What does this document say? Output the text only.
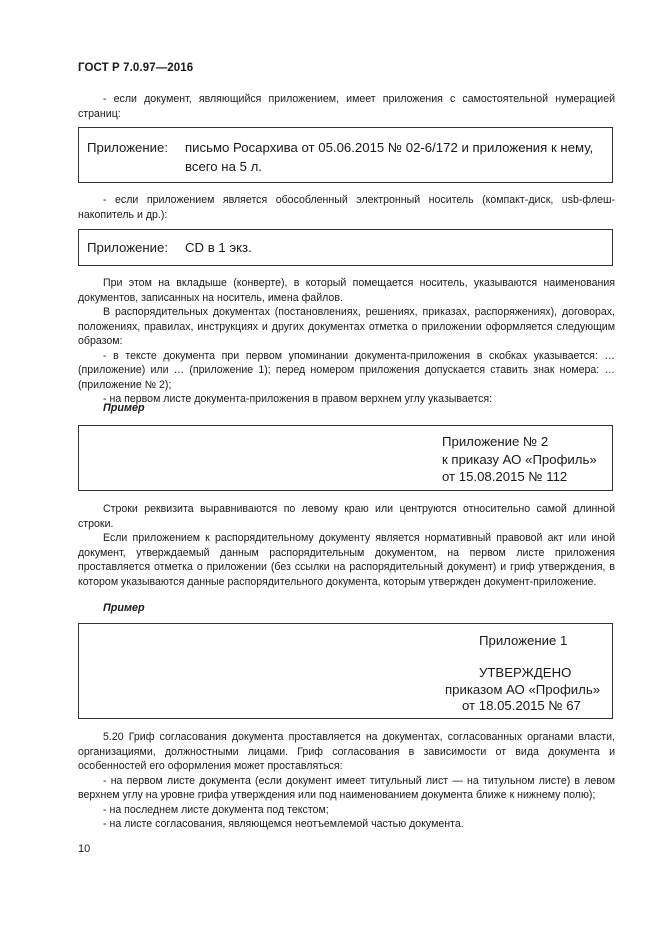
ГОСТ Р 7.0.97—2016

- если документ, являющийся приложением, имеет приложения с самостоятельной нумерацией страниц:

Приложение: письмо Росархива от 05.06.2015 № 02-6/172 и приложения к нему,
всего на 5 л.

- если приложением является обособленный электронный носитель (компакт-диск, usb-флеш-накопитель и др.):

Приложение: CD в 1 экз.

При этом на вкладыше (конверте), в который помещается носитель, указываются наименования документов, записанных на носитель, имена файлов.

В распорядительных документах (постановлениях, решениях, приказах, распоряжениях), договорах, положениях, правилах, инструкциях и других документах отметка о приложении оформляется следующим образом:

- в тексте документа при первом упоминании документа-приложения в скобках указывается: … (приложение) или … (приложение 1); перед номером приложения допускается ставить знак номера: … (приложение № 2);

- на первом листе документа-приложения в правом верхнем углу указывается:

Пример
Приложение № 2
к приказу АО «Профиль»
от 15.08.2015 № 112

Строки реквизита выравниваются по левому краю или центруются относительно самой длинной строки.

Если приложением к распорядительному документу является нормативный правовой акт или иной документ, утверждаемый данным распорядительным документом, на первом листе приложения проставляется отметка о приложении (без ссылки на распорядительный документ) и гриф утверждения, в котором указываются данные распорядительного документа, которым утвержден документ-приложение.

Пример
Приложение 1
УТВЕРЖДЕНО
приказом АО «Профиль»
от 18.05.2015 № 67

5.20 Гриф согласования документа проставляется на документах, согласованных органами власти, организациями, должностными лицами. Гриф согласования в зависимости от вида документа и особенностей его оформления может проставляться:

- на первом листе документа (если документ имеет титульный лист — на титульном листе) в левом верхнем углу на уровне грифа утверждения или под наименованием документа ближе к нижнему полю);

- на последнем листе документа под текстом;

- на листе согласования, являющемся неотъемлемой частью документа.

10
